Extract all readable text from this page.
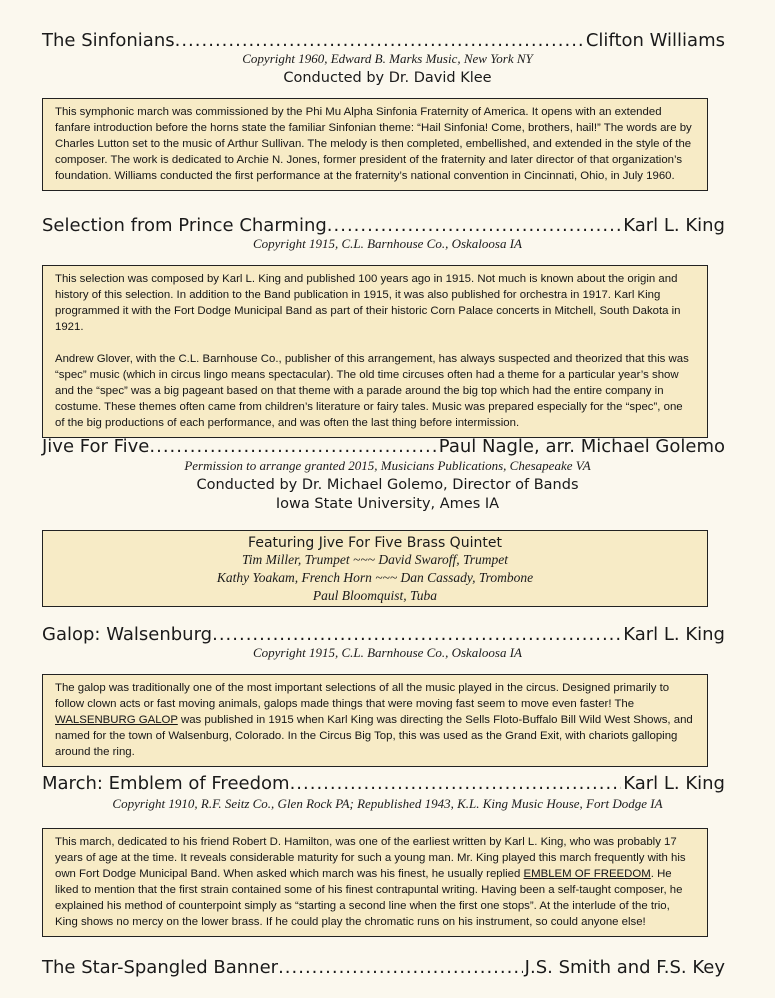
The Sinfonians .....	Clifton Williams
Copyright 1960, Edward B. Marks Music, New York NY
Conducted by Dr. David Klee

This symphonic march was commissioned by the Phi Mu Alpha Sinfonia Fraternity of America. It opens with an extended fanfare introduction before the horns state the familiar Sinfonian theme: “Hail Sinfonia! Come, brothers, hail!” The words are by Charles Lutton set to the music of Arthur Sullivan. The melody is then completed, embellished, and extended in the style of the composer. The work is dedicated to Archie N. Jones, former president of the fraternity and later director of that organization’s foundation. Williams conducted the first performance at the fraternity’s national convention in Cincinnati, Ohio, in July 1960.

Selection from Prince Charming .....	Karl L. King
Copyright 1915, C.L. Barnhouse Co., Oskaloosa IA

This selection was composed by Karl L. King and published 100 years ago in 1915. Not much is known about the origin and history of this selection. In addition to the Band publication in 1915, it was also published for orchestra in 1917. Karl King programmed it with the Fort Dodge Municipal Band as part of their historic Corn Palace concerts in Mitchell, South Dakota in 1921.

Andrew Glover, with the C.L. Barnhouse Co., publisher of this arrangement, has always suspected and theorized that this was “spec” music (which in circus lingo means spectacular). The old time circuses often had a theme for a particular year’s show and the “spec” was a big pageant based on that theme with a parade around the big top which had the entire company in costume. These themes often came from children’s literature or fairy tales. Music was prepared especially for the “spec”, one of the big productions of each performance, and was often the last thing before intermission.

Jive For Five .....	Paul Nagle, arr. Michael Golemo
Permission to arrange granted 2015, Musicians Publications, Chesapeake VA
Conducted by Dr. Michael Golemo, Director of Bands
Iowa State University, Ames IA
Featuring Jive For Five Brass Quintet
Tim Miller, Trumpet ~~~ David Swaroff, Trumpet
Kathy Yoakam, French Horn ~~~ Dan Cassady, Trombone
Paul Bloomquist, Tuba
Galop: Walsenburg .....	Karl L. King
Copyright 1915, C.L. Barnhouse Co., Oskaloosa IA

The galop was traditionally one of the most important selections of all the music played in the circus. Designed primarily to follow clown acts or fast moving animals, galops made things that were moving fast seem to move even faster! The WALSENBURG GALOP was published in 1915 when Karl King was directing the Sells Floto-Buffalo Bill Wild West Shows, and named for the town of Walsenburg, Colorado. In the Circus Big Top, this was used as the Grand Exit, with chariots galloping around the ring.

March: Emblem of Freedom .....	Karl L. King
Copyright 1910, R.F. Seitz Co., Glen Rock PA; Republished 1943, K.L. King Music House, Fort Dodge IA

This march, dedicated to his friend Robert D. Hamilton, was one of the earliest written by Karl L. King, who was probably 17 years of age at the time. It reveals considerable maturity for such a young man. Mr. King played this march frequently with his own Fort Dodge Municipal Band. When asked which march was his finest, he usually replied EMBLEM OF FREEDOM. He liked to mention that the first strain contained some of his finest contrapuntal writing. Having been a self-taught composer, he explained his method of counterpoint simply as “starting a second line when the first one stops”. At the interlude of the trio, King shows no mercy on the lower brass. If he could play the chromatic runs on his instrument, so could anyone else!

The Star-Spangled Banner .....	J.S. Smith and F.S. Key
